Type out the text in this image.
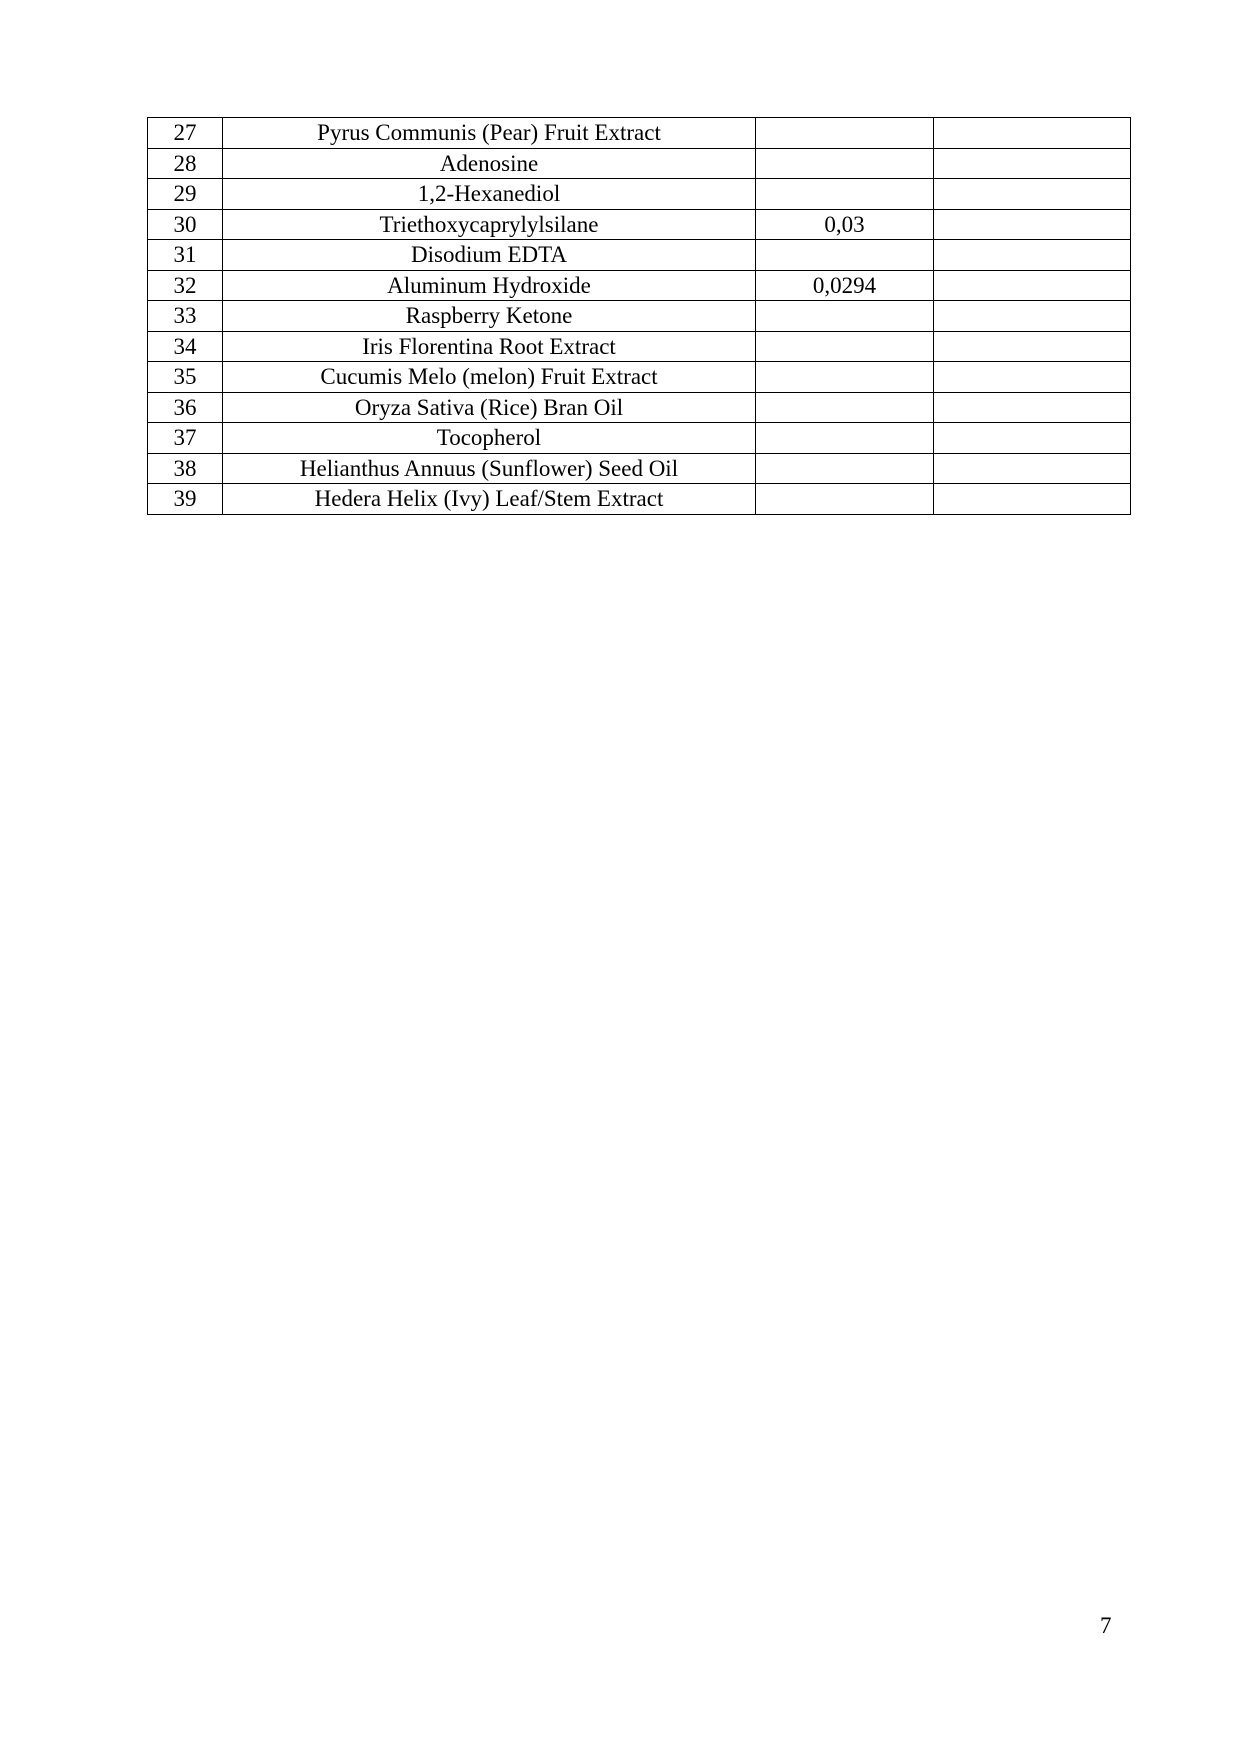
27	Pyrus Communis (Pear) Fruit Extract		
28	Adenosine		
29	1,2-Hexanediol		
30	Triethoxycaprylylsilane	0,03	
31	Disodium EDTA		
32	Aluminum Hydroxide	0,0294	
33	Raspberry Ketone		
34	Iris Florentina Root Extract		
35	Cucumis Melo (melon) Fruit Extract		
36	Oryza Sativa (Rice) Bran Oil		
37	Tocopherol		
38	Helianthus Annuus (Sunflower) Seed Oil		
39	Hedera Helix (Ivy) Leaf/Stem Extract		
7
